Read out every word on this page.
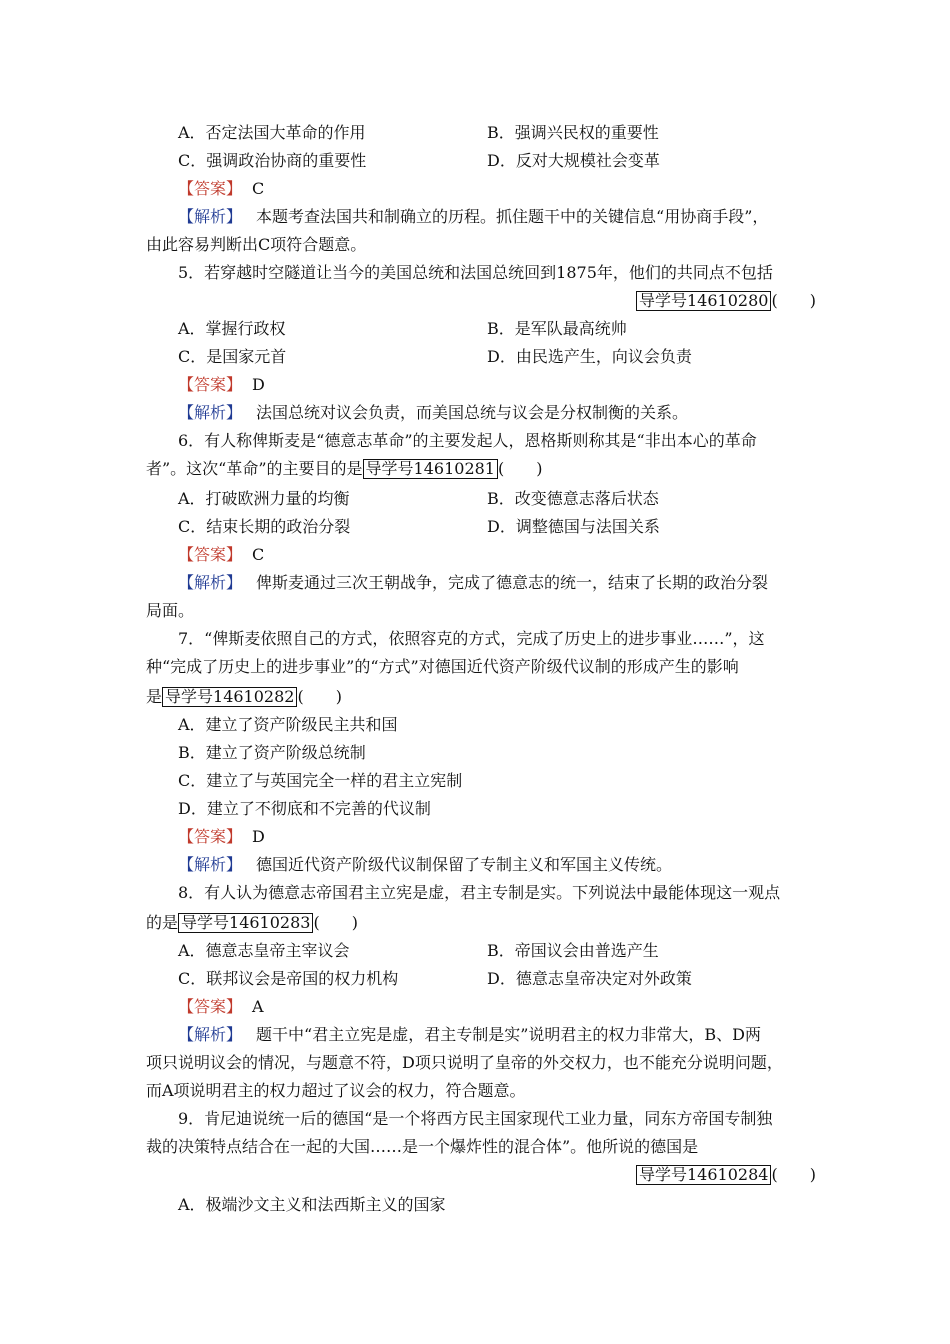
A．否定法国大革命的作用	B．强调兴民权的重要性
C．强调政治协商的重要性	D．反对大规模社会变革
【答案】 C
【解析】 本题考查法国共和制确立的历程。抓住题干中的关键信息“用协商手段”，
由此容易判断出C项符合题意。
5．若穿越时空隧道让当今的美国总统和法国总统回到1875年，他们的共同点不包括
导学号14610280 (　　)
A．掌握行政权	B．是军队最高统帅
C．是国家元首	D．由民选产生，向议会负责
【答案】 D
【解析】 法国总统对议会负责，而美国总统与议会是分权制衡的关系。
6．有人称俾斯麦是“德意志革命”的主要发起人，恩格斯则称其是“非出本心的革命
者”。这次“革命”的主要目的是 导学号14610281 (　　)
A．打破欧洲力量的均衡	B．改变德意志落后状态
C．结束长期的政治分裂	D．调整德国与法国关系
【答案】 C
【解析】 俾斯麦通过三次王朝战争，完成了德意志的统一，结束了长期的政治分裂
局面。
7．“俾斯麦依照自己的方式，依照容克的方式，完成了历史上的进步事业……”，这
种“完成了历史上的进步事业”的“方式”对德国近代资产阶级代议制的形成产生的影响
是 导学号14610282 (　　)
A．建立了资产阶级民主共和国
B．建立了资产阶级总统制
C．建立了与英国完全一样的君主立宪制
D．建立了不彻底和不完善的代议制
【答案】 D
【解析】 德国近代资产阶级代议制保留了专制主义和军国主义传统。
8．有人认为德意志帝国君主立宪是虚，君主专制是实。下列说法中最能体现这一观点
的是 导学号14610283 (　　)
A．德意志皇帝主宰议会	B．帝国议会由普选产生
C．联邦议会是帝国的权力机构	D．德意志皇帝决定对外政策
【答案】 A
【解析】 题干中“君主立宪是虚，君主专制是实”说明君主的权力非常大，B、D两
项只说明议会的情况，与题意不符，D项只说明了皇帝的外交权力，也不能充分说明问题，
而A项说明君主的权力超过了议会的权力，符合题意。
9．肯尼迪说统一后的德国“是一个将西方民主国家现代工业力量，同东方帝国专制独
裁的决策特点结合在一起的大国……是一个爆炸性的混合体”。他所说的德国是
导学号14610284 (　　)
A．极端沙文主义和法西斯主义的国家
